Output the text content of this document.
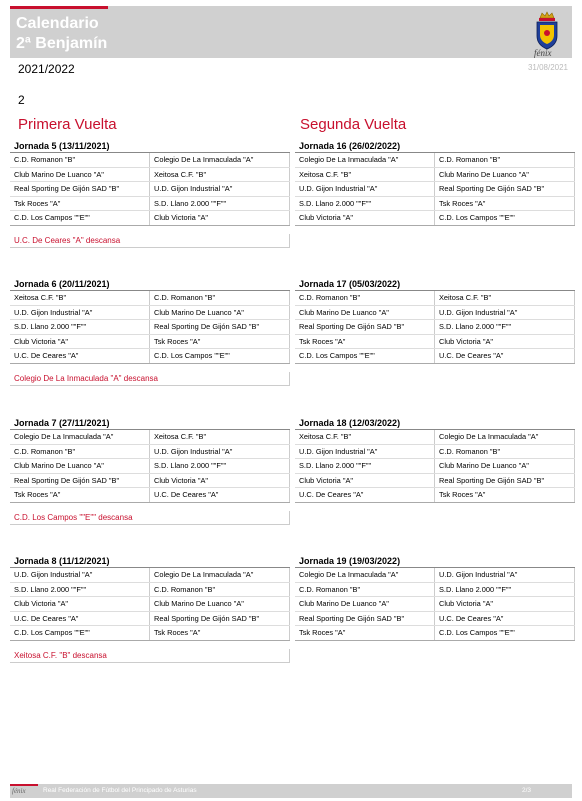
Calendario
2ª Benjamín
fénix
2021/2022	31/08/2021
2
Primera Vuelta	Segunda Vuelta
Jornada 5 (13/11/2021)
C.D. Romanon "B"	Colegio De La Inmaculada "A"
Club Marino De Luanco "A"	Xeitosa C.F. "B"
Real Sporting De Gijón SAD "B"	U.D. Gijon Industrial "A"
Tsk Roces "A"	S.D. Llano 2.000 ""F""
C.D. Los Campos ""E""	Club Victoria "A"
U.C. De Ceares "A" descansa
Jornada 6 (20/11/2021)
Xeitosa C.F. "B"	C.D. Romanon "B"
U.D. Gijon Industrial "A"	Club Marino De Luanco "A"
S.D. Llano 2.000 ""F""	Real Sporting De Gijón SAD "B"
Club Victoria "A"	Tsk Roces "A"
U.C. De Ceares "A"	C.D. Los Campos ""E""
Colegio De La Inmaculada "A" descansa
Jornada 7 (27/11/2021)
Colegio De La Inmaculada "A"	Xeitosa C.F. "B"
C.D. Romanon "B"	U.D. Gijon Industrial "A"
Club Marino De Luanco "A"	S.D. Llano 2.000 ""F""
Real Sporting De Gijón SAD "B"	Club Victoria "A"
Tsk Roces "A"	U.C. De Ceares "A"
C.D. Los Campos ""E"" descansa
Jornada 8 (11/12/2021)
U.D. Gijon Industrial "A"	Colegio De La Inmaculada "A"
S.D. Llano 2.000 ""F""	C.D. Romanon "B"
Club Victoria "A"	Club Marino De Luanco "A"
U.C. De Ceares "A"	Real Sporting De Gijón SAD "B"
C.D. Los Campos ""E""	Tsk Roces "A"
Xeitosa C.F. "B" descansa
Jornada 16 (26/02/2022)
Colegio De La Inmaculada "A"	C.D. Romanon "B"
Xeitosa C.F. "B"	Club Marino De Luanco "A"
U.D. Gijon Industrial "A"	Real Sporting De Gijón SAD "B"
S.D. Llano 2.000 ""F""	Tsk Roces "A"
Club Victoria "A"	C.D. Los Campos ""E""
Jornada 17 (05/03/2022)
C.D. Romanon "B"	Xeitosa C.F. "B"
Club Marino De Luanco "A"	U.D. Gijon Industrial "A"
Real Sporting De Gijón SAD "B"	S.D. Llano 2.000 ""F""
Tsk Roces "A"	Club Victoria "A"
C.D. Los Campos ""E""	U.C. De Ceares "A"
Jornada 18 (12/03/2022)
Xeitosa C.F. "B"	Colegio De La Inmaculada "A"
U.D. Gijon Industrial "A"	C.D. Romanon "B"
S.D. Llano 2.000 ""F""	Club Marino De Luanco "A"
Club Victoria "A"	Real Sporting De Gijón SAD "B"
U.C. De Ceares "A"	Tsk Roces "A"
Jornada 19 (19/03/2022)
Colegio De La Inmaculada "A"	U.D. Gijon Industrial "A"
C.D. Romanon "B"	S.D. Llano 2.000 ""F""
Club Marino De Luanco "A"	Club Victoria "A"
Real Sporting De Gijón SAD "B"	U.C. De Ceares "A"
Tsk Roces "A"	C.D. Los Campos ""E""
fénix	Real Federación de Fútbol del Principado de Asturias	2/3
